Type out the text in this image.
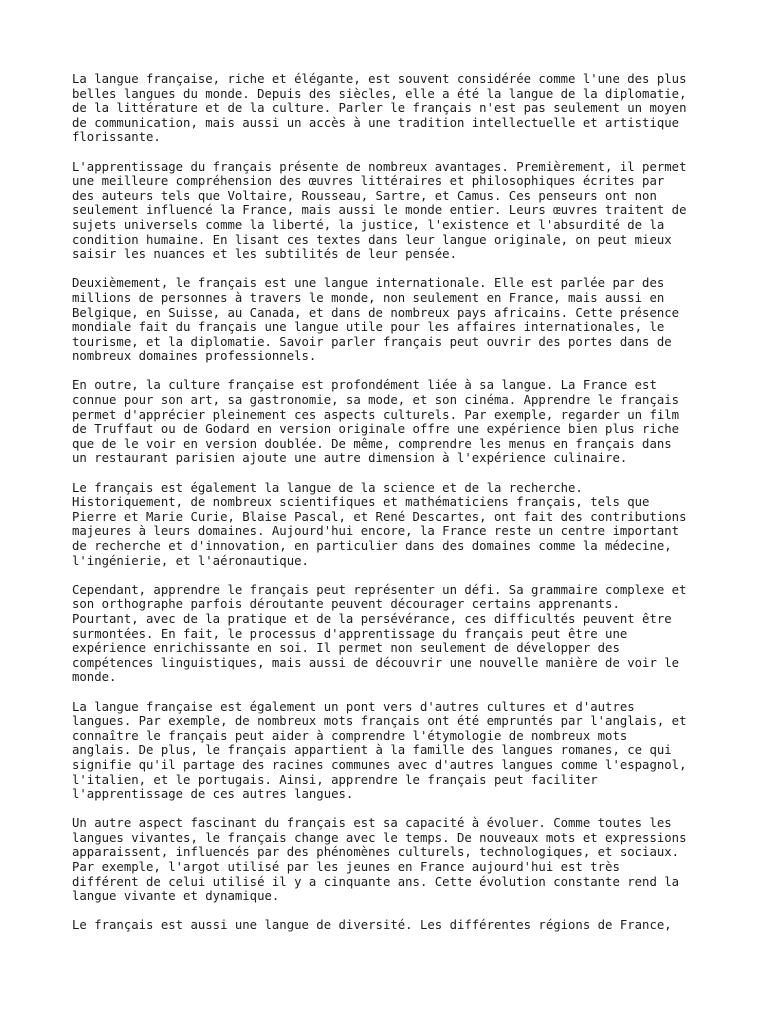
La langue française, riche et élégante, est souvent considérée comme l'une des plus
belles langues du monde. Depuis des siècles, elle a été la langue de la diplomatie,
de la littérature et de la culture. Parler le français n'est pas seulement un moyen
de communication, mais aussi un accès à une tradition intellectuelle et artistique
florissante.

L'apprentissage du français présente de nombreux avantages. Premièrement, il permet
une meilleure compréhension des œuvres littéraires et philosophiques écrites par
des auteurs tels que Voltaire, Rousseau, Sartre, et Camus. Ces penseurs ont non
seulement influencé la France, mais aussi le monde entier. Leurs œuvres traitent de
sujets universels comme la liberté, la justice, l'existence et l'absurdité de la
condition humaine. En lisant ces textes dans leur langue originale, on peut mieux
saisir les nuances et les subtilités de leur pensée.

Deuxièmement, le français est une langue internationale. Elle est parlée par des
millions de personnes à travers le monde, non seulement en France, mais aussi en
Belgique, en Suisse, au Canada, et dans de nombreux pays africains. Cette présence
mondiale fait du français une langue utile pour les affaires internationales, le
tourisme, et la diplomatie. Savoir parler français peut ouvrir des portes dans de
nombreux domaines professionnels.

En outre, la culture française est profondément liée à sa langue. La France est
connue pour son art, sa gastronomie, sa mode, et son cinéma. Apprendre le français
permet d'apprécier pleinement ces aspects culturels. Par exemple, regarder un film
de Truffaut ou de Godard en version originale offre une expérience bien plus riche
que de le voir en version doublée. De même, comprendre les menus en français dans
un restaurant parisien ajoute une autre dimension à l'expérience culinaire.

Le français est également la langue de la science et de la recherche.
Historiquement, de nombreux scientifiques et mathématiciens français, tels que
Pierre et Marie Curie, Blaise Pascal, et René Descartes, ont fait des contributions
majeures à leurs domaines. Aujourd'hui encore, la France reste un centre important
de recherche et d'innovation, en particulier dans des domaines comme la médecine,
l'ingénierie, et l'aéronautique.

Cependant, apprendre le français peut représenter un défi. Sa grammaire complexe et
son orthographe parfois déroutante peuvent décourager certains apprenants.
Pourtant, avec de la pratique et de la persévérance, ces difficultés peuvent être
surmontées. En fait, le processus d'apprentissage du français peut être une
expérience enrichissante en soi. Il permet non seulement de développer des
compétences linguistiques, mais aussi de découvrir une nouvelle manière de voir le
monde.

La langue française est également un pont vers d'autres cultures et d'autres
langues. Par exemple, de nombreux mots français ont été empruntés par l'anglais, et
connaître le français peut aider à comprendre l'étymologie de nombreux mots
anglais. De plus, le français appartient à la famille des langues romanes, ce qui
signifie qu'il partage des racines communes avec d'autres langues comme l'espagnol,
l'italien, et le portugais. Ainsi, apprendre le français peut faciliter
l'apprentissage de ces autres langues.

Un autre aspect fascinant du français est sa capacité à évoluer. Comme toutes les
langues vivantes, le français change avec le temps. De nouveaux mots et expressions
apparaissent, influencés par des phénomènes culturels, technologiques, et sociaux.
Par exemple, l'argot utilisé par les jeunes en France aujourd'hui est très
différent de celui utilisé il y a cinquante ans. Cette évolution constante rend la
langue vivante et dynamique.

Le français est aussi une langue de diversité. Les différentes régions de France,
